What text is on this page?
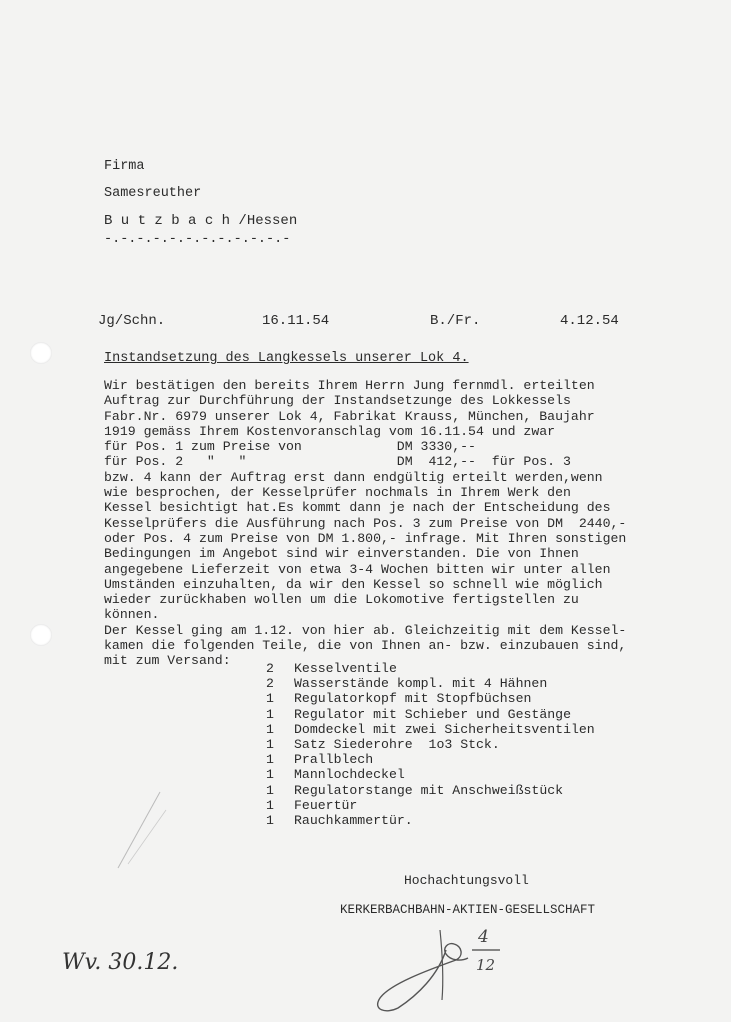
Firma
Samesreuther
B u t z b a c h /Hessen
-.-.-.-.-.-.-.-.-.-.-.-
Jg/Schn.	16.11.54	B./Fr.	4.12.54
Instandsetzung des Langkessels unserer Lok 4.
Wir bestätigen den bereits Ihrem Herrn Jung fernmdl. erteilten
Auftrag zur Durchführung der Instandsetzunge des Lokkessels
Fabr.Nr. 6979 unserer Lok 4, Fabrikat Krauss, München, Baujahr
1919 gemäss Ihrem Kostenvoranschlag vom 16.11.54 und zwar
für Pos. 1 zum Preise von            DM 3330,--
für Pos. 2   "   "                   DM  412,--  für Pos. 3
bzw. 4 kann der Auftrag erst dann endgültig erteilt werden,wenn
wie besprochen, der Kesselprüfer nochmals in Ihrem Werk den
Kessel besichtigt hat.Es kommt dann je nach der Entscheidung des
Kesselprüfers die Ausführung nach Pos. 3 zum Preise von DM  2440,-
oder Pos. 4 zum Preise von DM 1.800,- infrage. Mit Ihren sonstigen
Bedingungen im Angebot sind wir einverstanden. Die von Ihnen
angegebene Lieferzeit von etwa 3-4 Wochen bitten wir unter allen
Umständen einzuhalten, da wir den Kessel so schnell wie möglich
wieder zurückhaben wollen um die Lokomotive fertigstellen zu
können.
Der Kessel ging am 1.12. von hier ab. Gleichzeitig mit dem Kessel-
kamen die folgenden Teile, die von Ihnen an- bzw. einzubauen sind,
mit zum Versand:
2 Kesselventile
2 Wasserstände kompl. mit 4 Hähnen
1 Regulatorkopf mit Stopfbüchsen
1 Regulator mit Schieber und Gestänge
1 Domdeckel mit zwei Sicherheitsventilen
1 Satz Siederohre  1o3 Stck.
1 Prallblech
1 Mannlochdeckel
1 Regulatorstange mit Anschweißstück
1 Feuertür
1 Rauchkammertür.
Hochachtungsvoll
KERKERBACHBAHN-AKTIEN-GESELLSCHAFT
Wv. 30.12.
4
12
